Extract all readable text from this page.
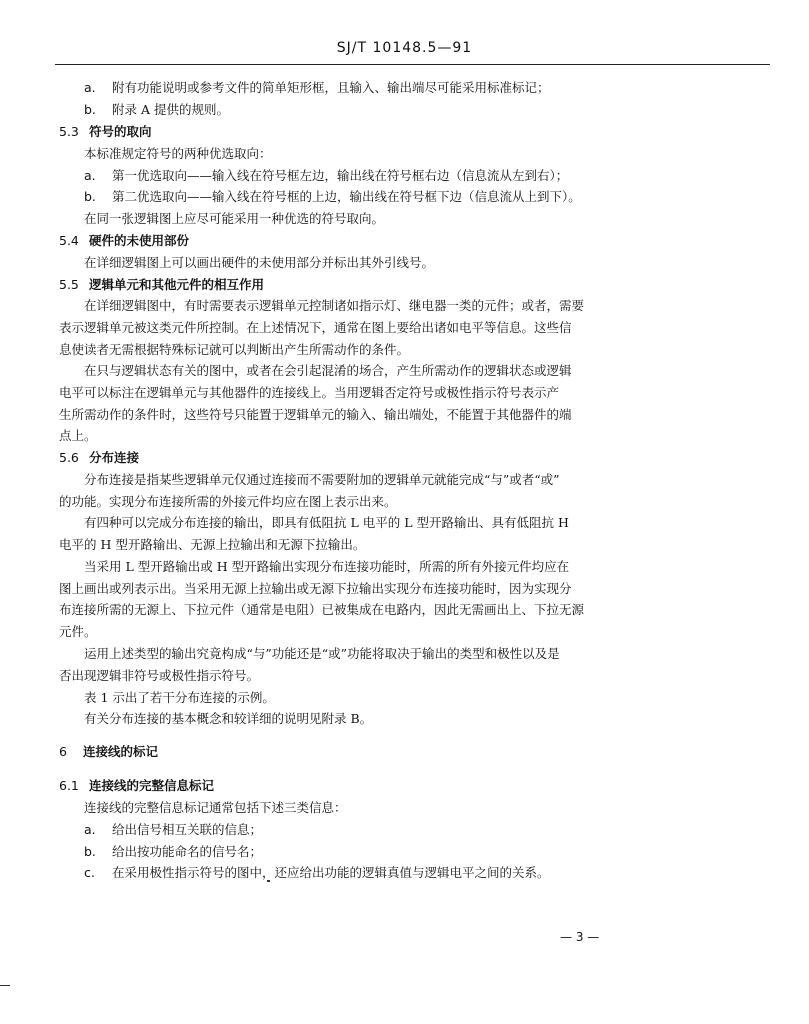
SJ/T 10148.5—91
a. 附有功能说明或参考文件的简单矩形框，且输入、输出端尽可能采用标准标记；
b. 附录 A 提供的规则。
5.3 符号的取向
本标准规定符号的两种优选取向：
a. 第一优选取向——输入线在符号框左边，输出线在符号框右边（信息流从左到右）；
b. 第二优选取向——输入线在符号框的上边，输出线在符号框下边（信息流从上到下）。
在同一张逻辑图上应尽可能采用一种优选的符号取向。
5.4 硬件的未使用部份
在详细逻辑图上可以画出硬件的未使用部分并标出其外引线号。
5.5 逻辑单元和其他元件的相互作用
在详细逻辑图中，有时需要表示逻辑单元控制诸如指示灯、继电器一类的元件；或者，需要
表示逻辑单元被这类元件所控制。在上述情况下，通常在图上要给出诸如电平等信息。这些信
息使读者无需根据特殊标记就可以判断出产生所需动作的条件。
在只与逻辑状态有关的图中，或者在会引起混淆的场合，产生所需动作的逻辑状态或逻辑
电平可以标注在逻辑单元与其他器件的连接线上。当用逻辑否定符号或极性指示符号表示产
生所需动作的条件时，这些符号只能置于逻辑单元的输入、输出端处，不能置于其他器件的端
点上。
5.6 分布连接
分布连接是指某些逻辑单元仅通过连接而不需要附加的逻辑单元就能完成“与”或者“或”
的功能。实现分布连接所需的外接元件均应在图上表示出来。
有四种可以完成分布连接的输出，即具有低阻抗 L 电平的 L 型开路输出、具有低阻抗 H
电平的 H 型开路输出、无源上拉输出和无源下拉输出。
当采用 L 型开路输出或 H 型开路输出实现分布连接功能时，所需的所有外接元件均应在
图上画出或列表示出。当采用无源上拉输出或无源下拉输出实现分布连接功能时，因为实现分
布连接所需的无源上、下拉元件（通常是电阻）已被集成在电路内，因此无需画出上、下拉无源
元件。
运用上述类型的输出究竟构成“与”功能还是“或”功能将取决于输出的类型和极性以及是
否出现逻辑非符号或极性指示符号。
表 1 示出了若干分布连接的示例。
有关分布连接的基本概念和较详细的说明见附录 B。
6 连接线的标记
6.1 连接线的完整信息标记
连接线的完整信息标记通常包括下述三类信息：
a. 给出信号相互关联的信息；
b. 给出按功能命名的信号名；
c. 在采用极性指示符号的图中，还应给出功能的逻辑真值与逻辑电平之间的关系。
— 3 —
